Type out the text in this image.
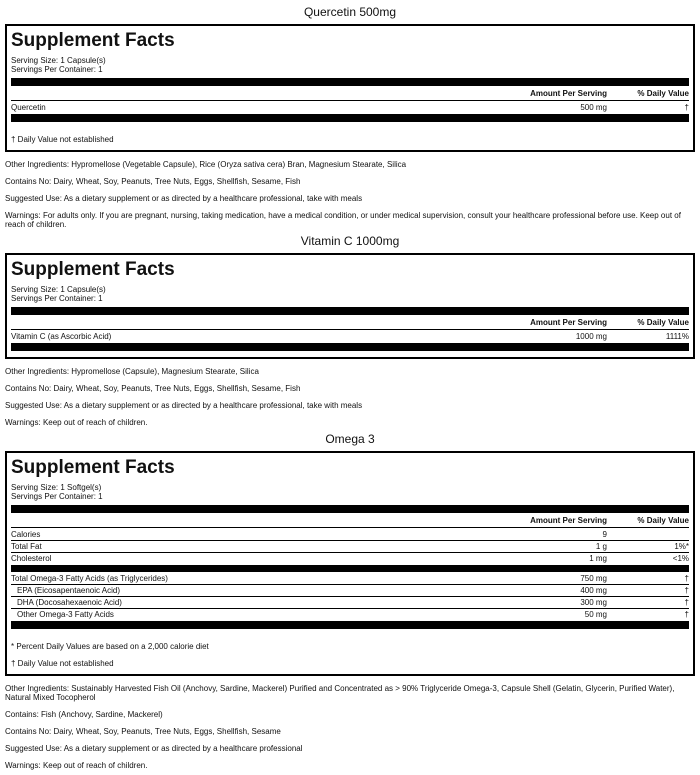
Quercetin 500mg
Supplement Facts
Serving Size: 1 Capsule(s)
Servings Per Container: 1
Amount Per Serving	% Daily Value
Quercetin	500 mg	†
† Daily Value not established

Other Ingredients: Hypromellose (Vegetable Capsule), Rice (Oryza sativa cera) Bran, Magnesium Stearate, Silica

Contains No: Dairy, Wheat, Soy, Peanuts, Tree Nuts, Eggs, Shellfish, Sesame, Fish

Suggested Use: As a dietary supplement or as directed by a healthcare professional, take with meals

Warnings: For adults only. If you are pregnant, nursing, taking medication, have a medical condition, or under medical supervision, consult your healthcare professional before use. Keep out of reach of children.

Vitamin C 1000mg
Supplement Facts
Serving Size: 1 Capsule(s)
Servings Per Container: 1
Amount Per Serving	% Daily Value
Vitamin C (as Ascorbic Acid)	1000 mg	1111%

Other Ingredients: Hypromellose (Capsule), Magnesium Stearate, Silica

Contains No: Dairy, Wheat, Soy, Peanuts, Tree Nuts, Eggs, Shellfish, Sesame, Fish

Suggested Use: As a dietary supplement or as directed by a healthcare professional, take with meals

Warnings: Keep out of reach of children.

Omega 3
Supplement Facts
Serving Size: 1 Softgel(s)
Servings Per Container: 1
Amount Per Serving	% Daily Value
Calories	9
Total Fat	1 g	1%*
Cholesterol	1 mg	<1%
Total Omega-3 Fatty Acids (as Triglycerides)	750 mg	†
EPA (Eicosapentaenoic Acid)	400 mg	†
DHA (Docosahexaenoic Acid)	300 mg	†
Other Omega-3 Fatty Acids	50 mg	†
* Percent Daily Values are based on a 2,000 calorie diet
† Daily Value not established

Other Ingredients: Sustainably Harvested Fish Oil (Anchovy, Sardine, Mackerel) Purified and Concentrated as > 90% Triglyceride Omega-3, Capsule Shell (Gelatin, Glycerin, Purified Water), Natural Mixed Tocopherol

Contains: Fish (Anchovy, Sardine, Mackerel)

Contains No: Dairy, Wheat, Soy, Peanuts, Tree Nuts, Eggs, Shellfish, Sesame

Suggested Use: As a dietary supplement or as directed by a healthcare professional

Warnings: Keep out of reach of children.
